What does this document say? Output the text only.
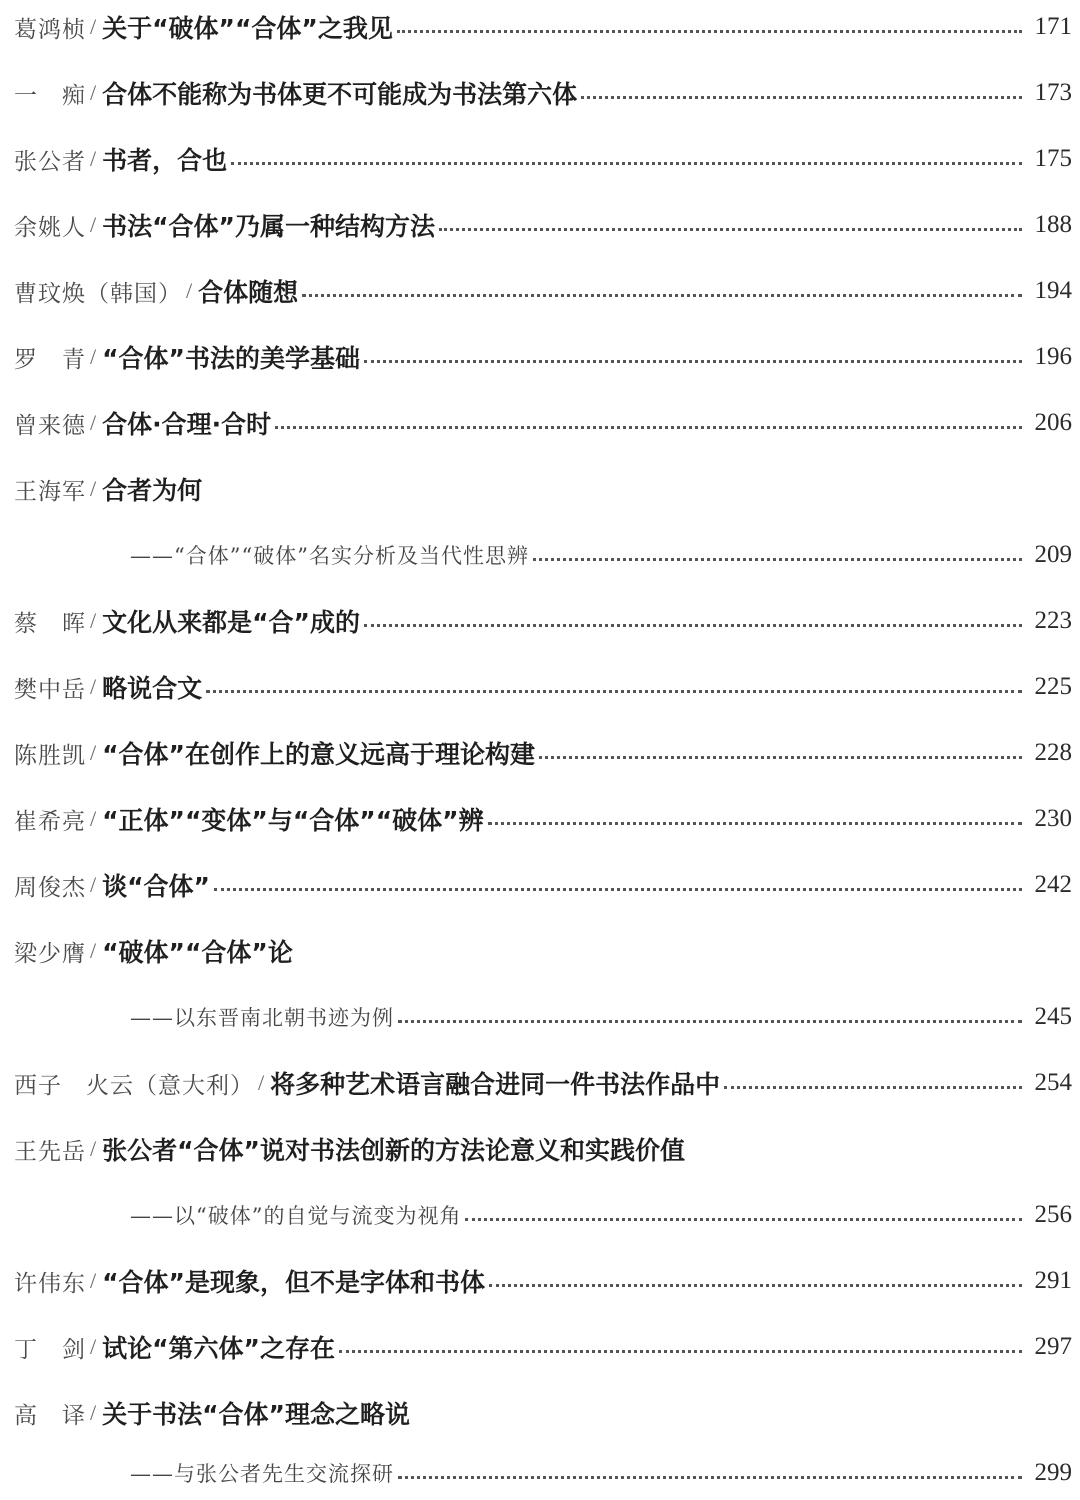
葛鸿桢 / 关于“破体”“合体”之我见	171
一　痴 / 合体不能称为书体更不可能成为书法第六体	173
张公者 / 书者，合也	175
余姚人 / 书法“合体”乃属一种结构方法	188
曹玟焕（韩国） / 合体随想	194
罗　青 / “合体”书法的美学基础	196
曾来德 / 合体·合理·合时	206
王海军 / 合者为何
——“合体”“破体”名实分析及当代性思辨	209
蔡　晖 / 文化从来都是“合”成的	223
樊中岳 / 略说合文	225
陈胜凯 / “合体”在创作上的意义远高于理论构建	228
崔希亮 / “正体”“变体”与“合体”“破体”辨	230
周俊杰 / 谈“合体”	242
梁少膺 / “破体”“合体”论
——以东晋南北朝书迹为例	245
西子　火云（意大利） / 将多种艺术语言融合进同一件书法作品中	254
王先岳 / 张公者“合体”说对书法创新的方法论意义和实践价值
——以“破体”的自觉与流变为视角	256
许伟东 / “合体”是现象，但不是字体和书体	291
丁　剑 / 试论“第六体”之存在	297
高　译 / 关于书法“合体”理念之略说
——与张公者先生交流探研	299
